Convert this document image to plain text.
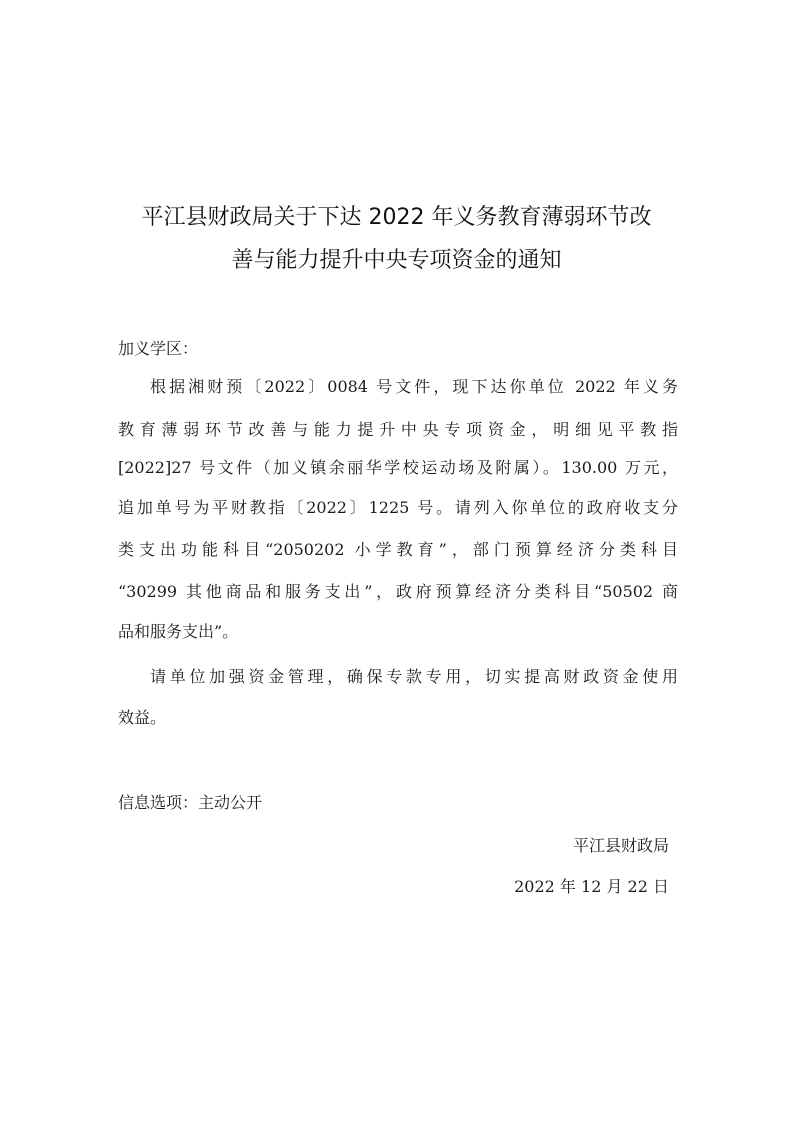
平江县财政局关于下达 2022 年义务教育薄弱环节改
善与能力提升中央专项资金的通知
加义学区：
根据湘财预〔2022〕0084 号文件，现下达你单位 2022 年义务
教育薄弱环节改善与能力提升中央专项资金，明细见平教指
[2022]27 号文件（加义镇余丽华学校运动场及附属）。130.00 万元，
追加单号为平财教指〔2022〕1225 号。请列入你单位的政府收支分
类支出功能科目“2050202 小学教育”，部门预算经济分类科目
“30299 其他商品和服务支出”，政府预算经济分类科目“50502 商
品和服务支出”。
请单位加强资金管理，确保专款专用，切实提高财政资金使用
效益。
信息选项：主动公开
平江县财政局
2022 年 12 月 22 日
